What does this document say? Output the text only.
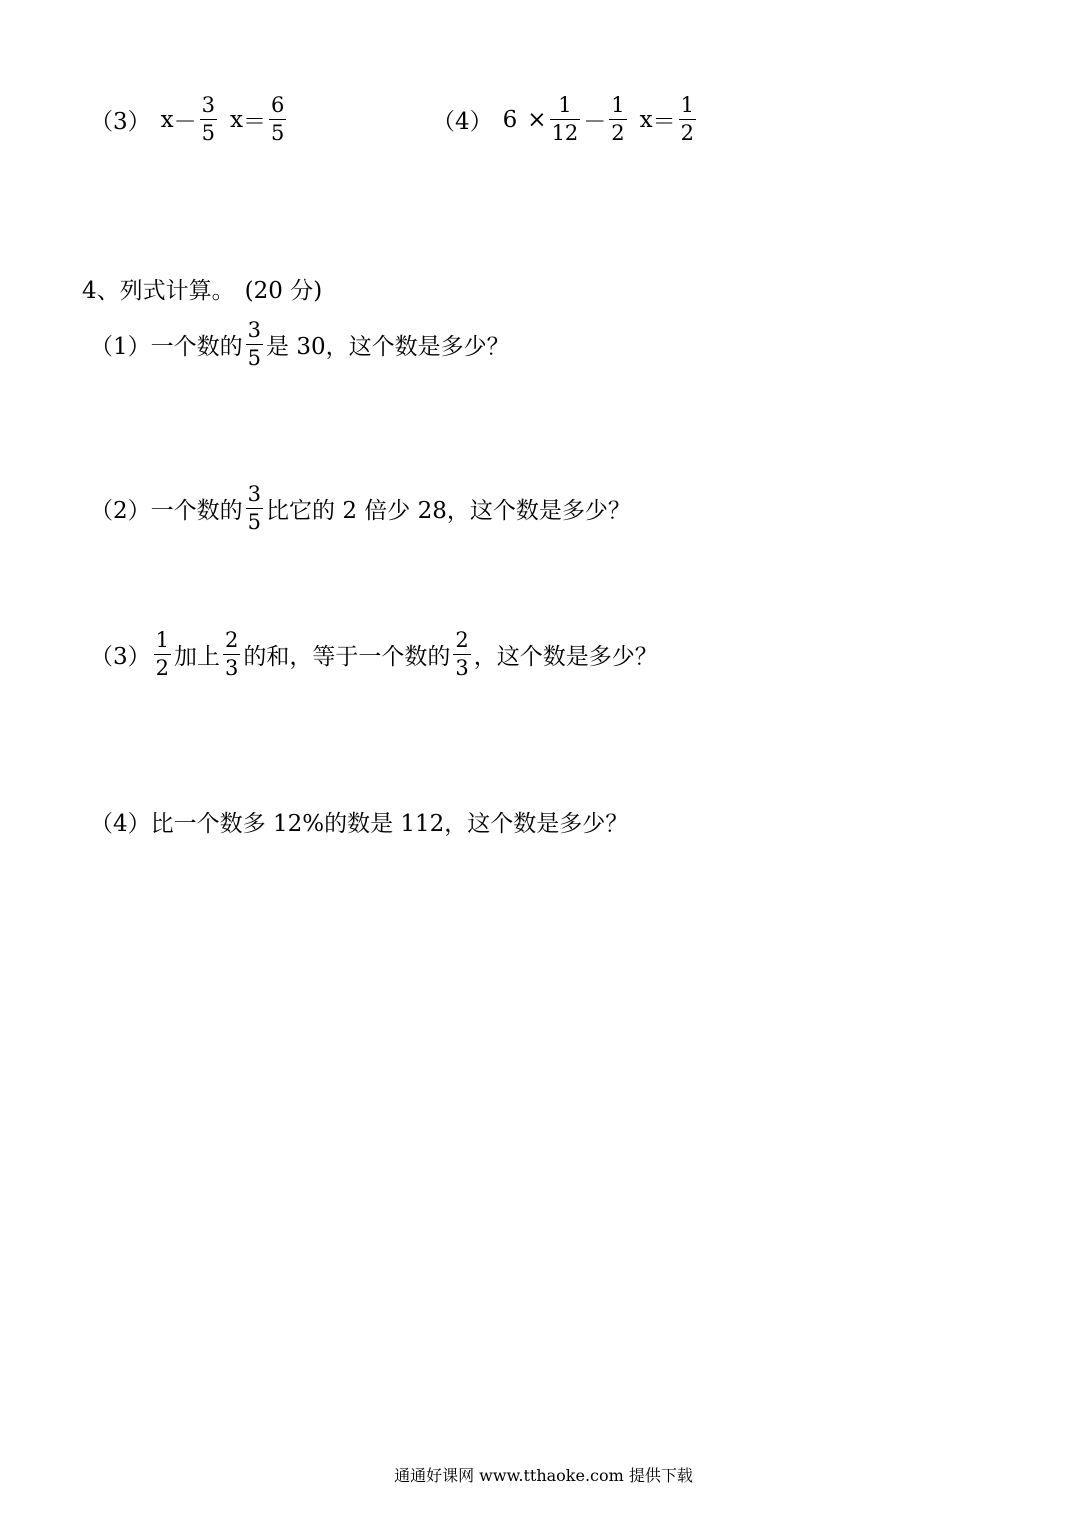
（3） $x - \frac{3}{5}$ $x = \frac{6}{5}$	（4） $6 \times \frac{1}{12} - \frac{1}{2}$ $x = \frac{1}{2}$
4、列式计算。 (20 分)
（1） 一个数的 $\frac{3}{5}$ 是 30，这个数是多少？
（2） 一个数的 $\frac{3}{5}$ 比它的 2 倍少 28，这个数是多少？
$(3) \frac{1}{2}$ 加上 $\frac{2}{3}$ 的和，等于一个数的 $\frac{2}{3}$ ，这个数是多少？
（4） 比一个数多 12%的数是 112，这个数是多少？
通通好课网 www.tthaoke.com 提供下载
